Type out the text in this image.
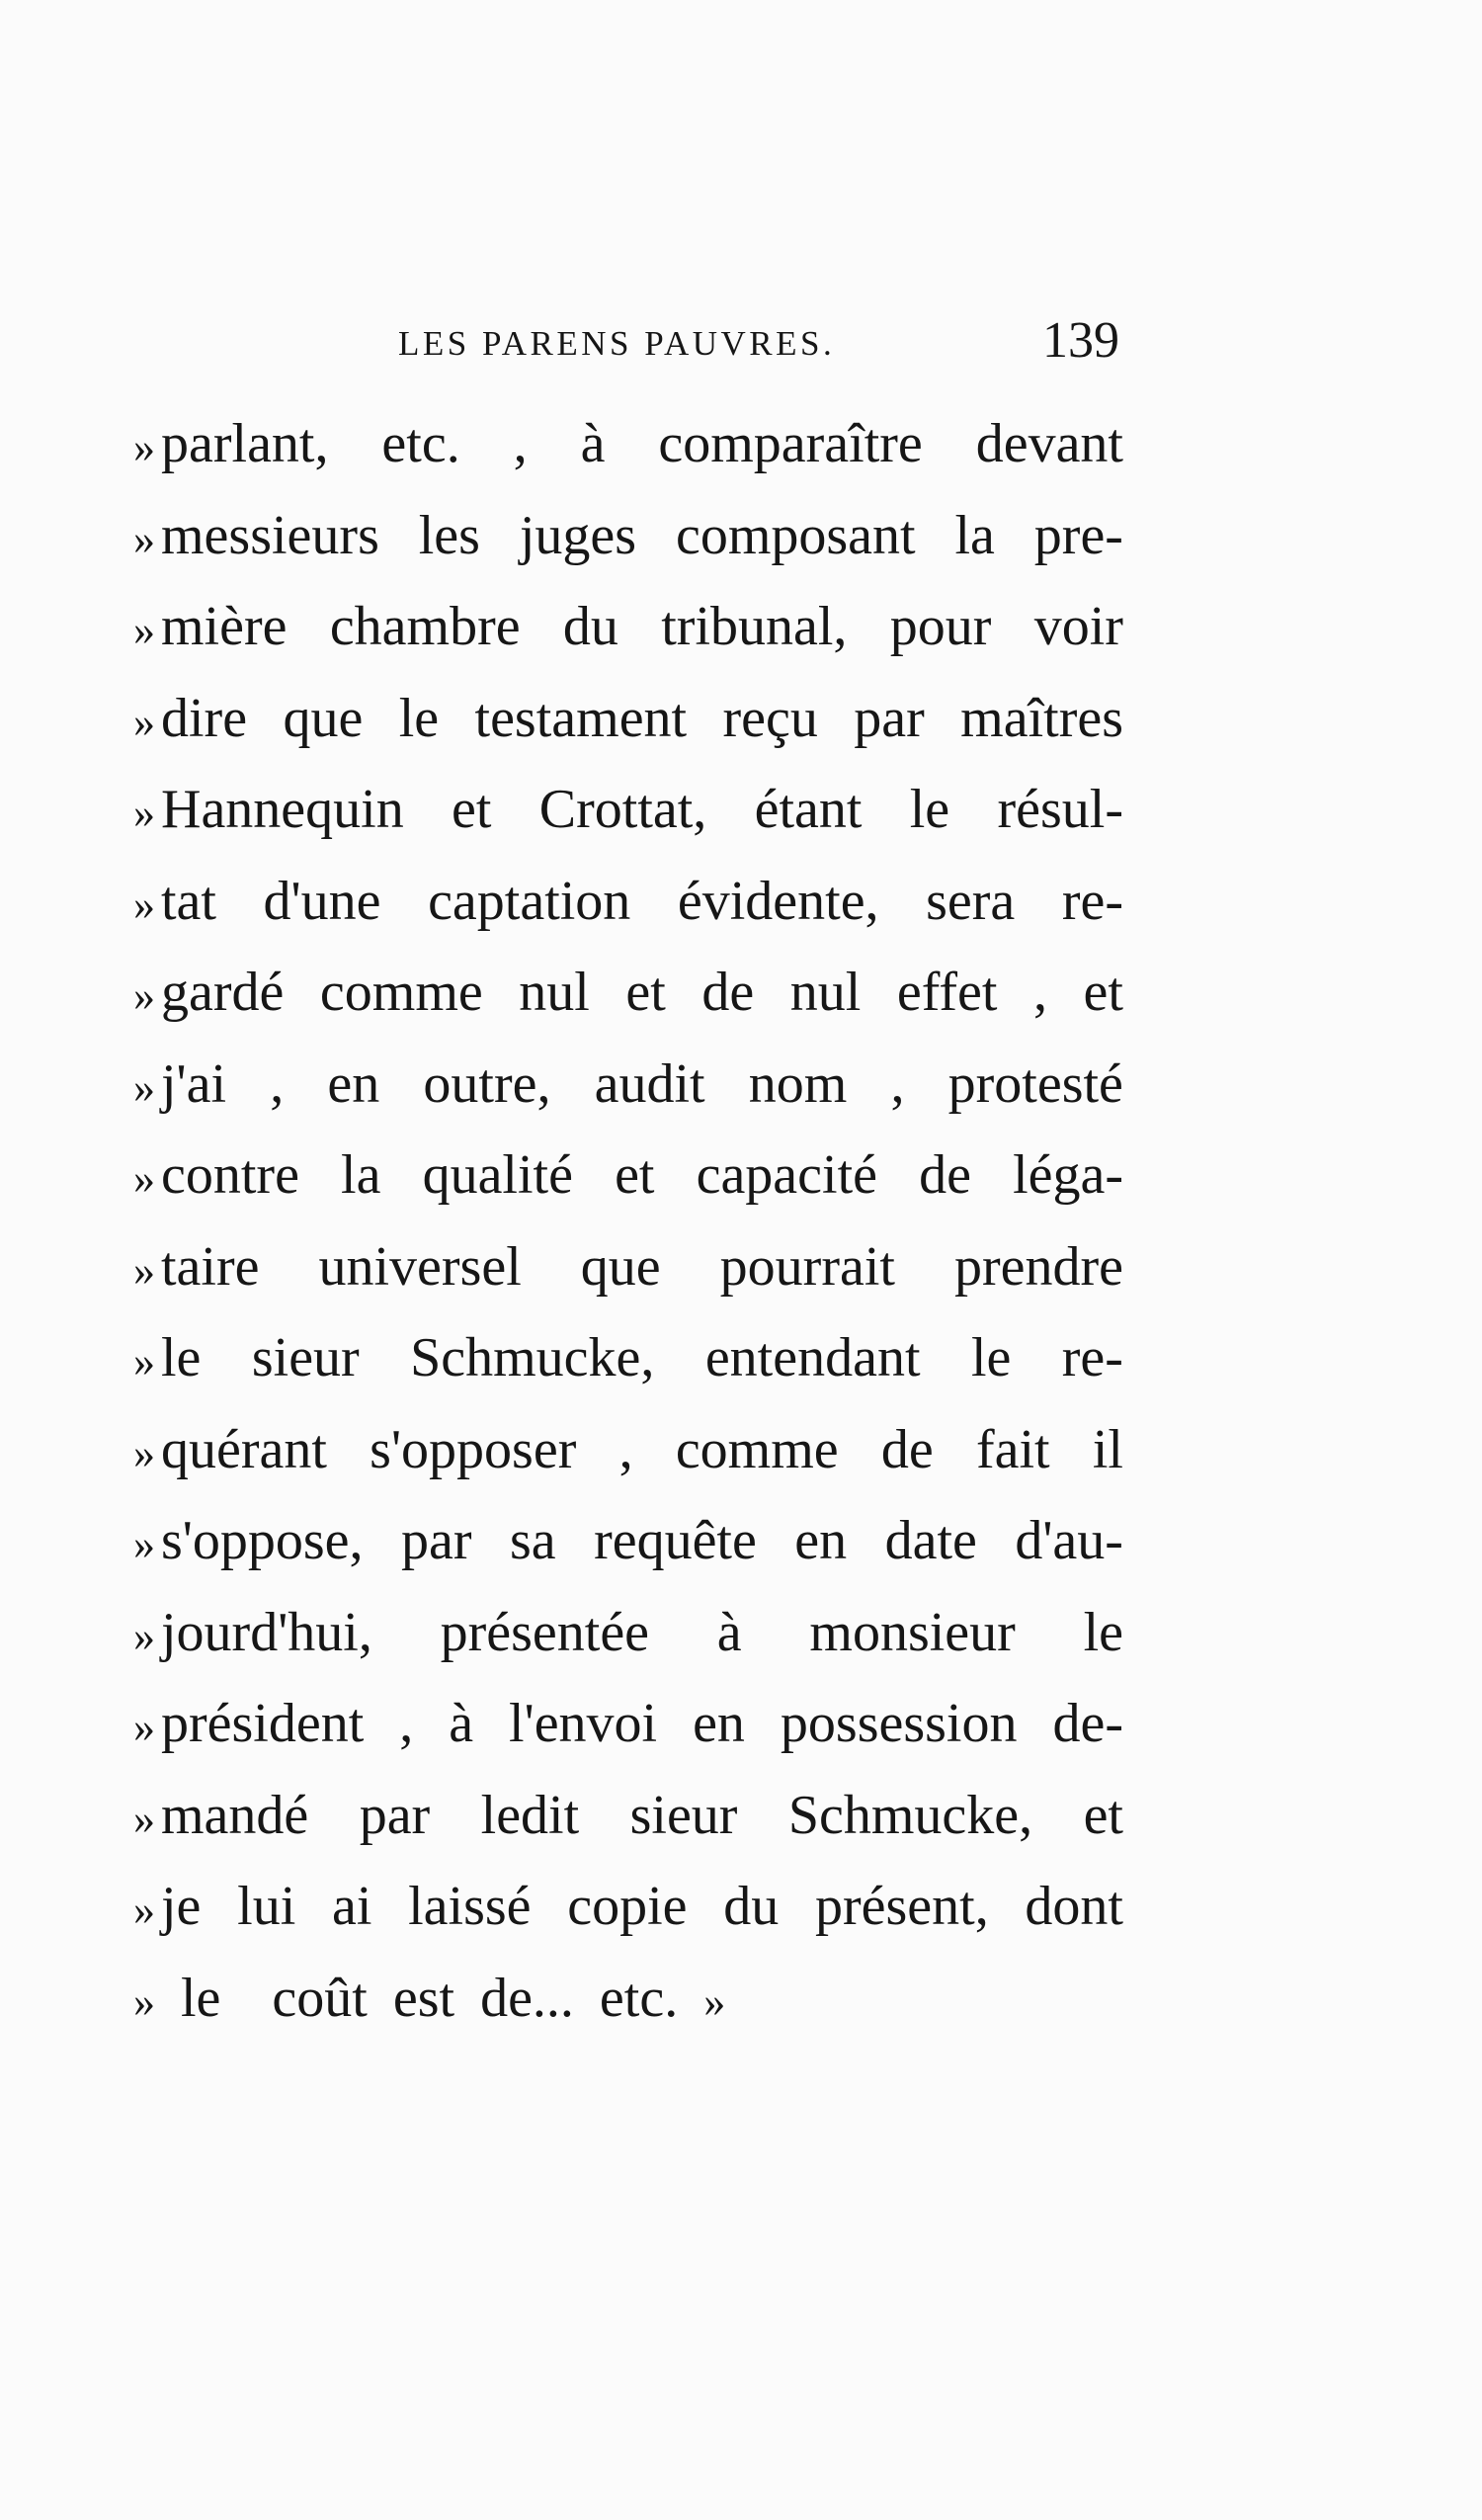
LES PARENS PAUVRES.	139
» parlant, etc. , à comparaître devant
» messieurs les juges composant la pre-
» mière chambre du tribunal, pour voir
» dire que le testament reçu par maîtres
» Hannequin et Crottat, étant le résul-
» tat d'une captation évidente, sera re-
» gardé comme nul et de nul effet , et
» j'ai , en outre, audit nom , protesté
» contre la qualité et capacité de léga-
» taire universel que pourrait prendre
» le sieur Schmucke, entendant le re-
» quérant s'opposer , comme de fait il
» s'oppose, par sa requête en date d'au-
» jourd'hui, présentée à monsieur le
» président , à l'envoi en possession de-
» mandé par ledit sieur Schmucke, et
» je lui ai laissé copie du présent, dont
» le coût est de... etc. »
